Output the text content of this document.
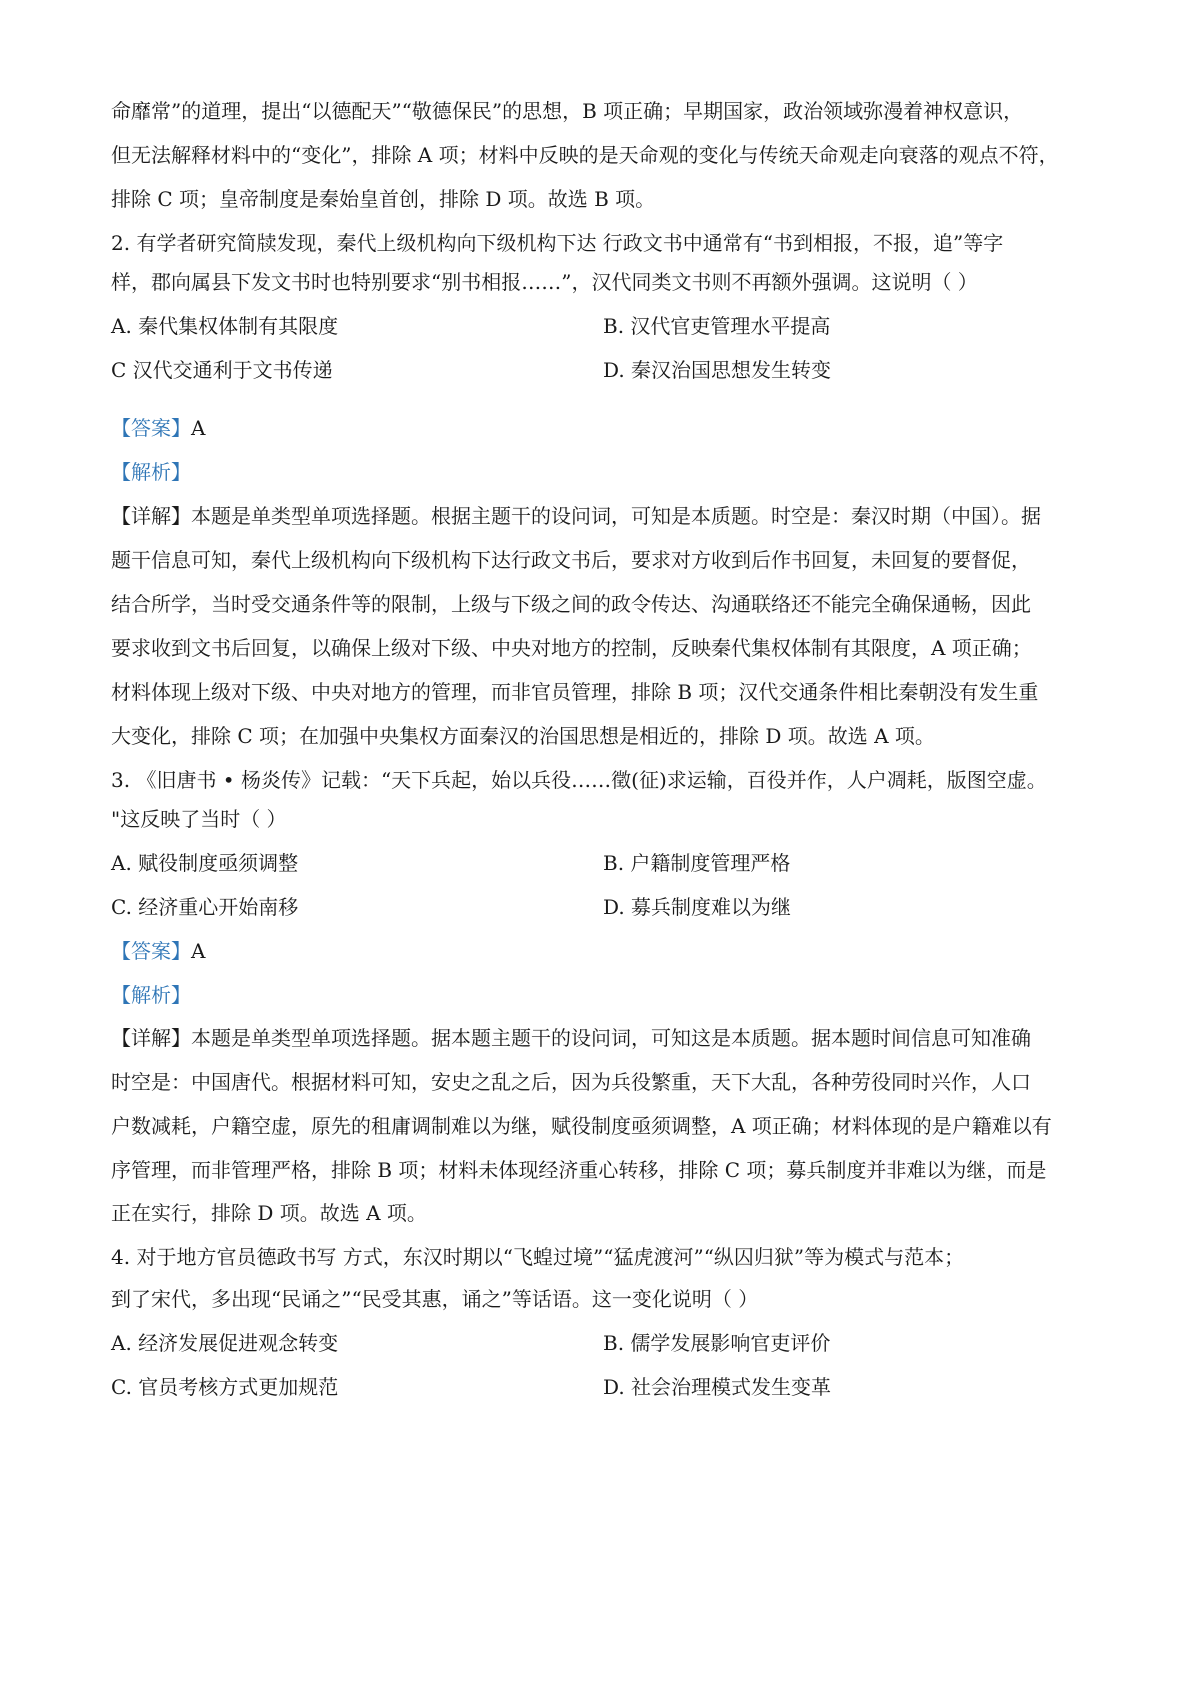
命靡常”的道理，提出“以德配天”“敬德保民”的思想，B 项正确；早期国家，政治领域弥漫着神权意识，
但无法解释材料中的“变化”，排除 A 项；材料中反映的是天命观的变化与传统天命观走向衰落的观点不符，
排除 C 项；皇帝制度是秦始皇首创，排除 D 项。故选 B 项。
2. 有学者研究简牍发现，秦代上级机构向下级机构下达 行政文书中通常有“书到相报，不报，追”等字
样，郡向属县下发文书时也特别要求“别书相报……”，汉代同类文书则不再额外强调。这说明（ ）
A. 秦代集权体制有其限度	B. 汉代官吏管理水平提高
C 汉代交通利于文书传递	D. 秦汉治国思想发生转变
【答案】A
【解析】
【详解】本题是单类型单项选择题。根据主题干的设问词，可知是本质题。时空是：秦汉时期（中国）。据
题干信息可知，秦代上级机构向下级机构下达行政文书后，要求对方收到后作书回复，未回复的要督促，
结合所学，当时受交通条件等的限制，上级与下级之间的政令传达、沟通联络还不能完全确保通畅，因此
要求收到文书后回复，以确保上级对下级、中央对地方的控制，反映秦代集权体制有其限度，A 项正确；
材料体现上级对下级、中央对地方的管理，而非官员管理，排除 B 项；汉代交通条件相比秦朝没有发生重
大变化，排除 C 项；在加强中央集权方面秦汉的治国思想是相近的，排除 D 项。故选 A 项。
3. 《旧唐书 • 杨炎传》记载：“天下兵起，始以兵役……徵(征)求运输，百役并作，人户凋耗，版图空虚。
"这反映了当时（ ）
A. 赋役制度亟须调整	B. 户籍制度管理严格
C. 经济重心开始南移	D. 募兵制度难以为继
【答案】A
【解析】
【详解】本题是单类型单项选择题。据本题主题干的设问词，可知这是本质题。据本题时间信息可知准确
时空是：中国唐代。根据材料可知，安史之乱之后，因为兵役繁重，天下大乱，各种劳役同时兴作，人口
户数减耗，户籍空虚，原先的租庸调制难以为继，赋役制度亟须调整，A 项正确；材料体现的是户籍难以有
序管理，而非管理严格，排除 B 项；材料未体现经济重心转移，排除 C 项；募兵制度并非难以为继，而是
正在实行，排除 D 项。故选 A 项。
4. 对于地方官员德政书写 方式，东汉时期以“飞蝗过境”“猛虎渡河”“纵囚归狱”等为模式与范本；
到了宋代，多出现“民诵之”“民受其惠，诵之”等话语。这一变化说明（ ）
A. 经济发展促进观念转变	B. 儒学发展影响官吏评价
C. 官员考核方式更加规范	D. 社会治理模式发生变革
